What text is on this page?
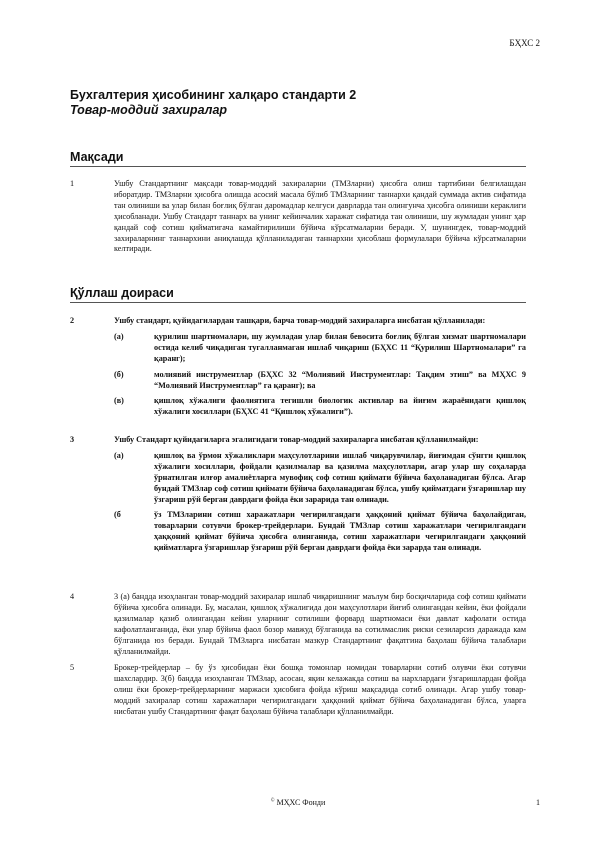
БҲХС 2
Бухгалтерия ҳисобининг халқаро стандарти 2
Товар-моддий захиралар
Мақсади
1	Ушбу Стандартнинг мақсади товар-моддий захираларни (ТМЗларни) ҳисобга олиш тартибини белгилашдан иборатдир. ТМЗларни ҳисобга олишда асосий масала бўлиб ТМЗларнинг таннархи қандай суммада актив сифатида тан олиниши ва улар билан боғлиқ бўлган даромадлар келгуси даврларда тан олингунча ҳисобга олиниши кераклиги ҳисобланади. Ушбу Стандарт таннарх ва унинг кейинчалик харажат сифатида тан олиниши, шу жумладан унинг ҳар қандай соф сотиш қийматигача камайтирилиши бўйича кўрсатмаларни беради. У, шунингдек, товар-моддий захираларнинг таннархини аниқлашда қўлланиладиган таннархни ҳисоблаш формулалари бўйича кўрсатмаларни келтиради.
Қўллаш доираси
2	Ушбу стандарт, қуйидагилардан ташқари, барча товар-моддий захираларга нисбатан қўлланилади:
(а)	қурилиш шартномалари, шу жумладан улар билан бевосита боғлиқ бўлган хизмат шартномалари остида келиб чиқадиган тугалланмаган ишлаб чиқариш (БҲХС 11 “Қурилиш Шартномалари” га қаранг);
(б)	молиявий инструментлар (БҲХС 32 “Молиявий Инструментлар: Тақдим этиш” ва МҲХС 9 “Молиявий Инструментлар” га қаранг); ва
(в)	қишлоқ хўжалиги фаолиятига тегишли биологик активлар ва йиғим жараёнидаги қишлоқ хўжалиги хосиллари (БҲХС 41 “Қишлоқ хўжалиги”).
3	Ушбу Стандарт қуйидагиларга эгалигидаги товар-моддий захираларга нисбатан қўлланилмайди:
(а)	қишлоқ ва ўрмон хўжаликлари маҳсулотларини ишлаб чиқарувчилар, йиғимдан сўнгги қишлоқ хўжалиги хосиллари, фойдали қазилмалар ва қазилма маҳсулотлари, агар улар шу соҳаларда ўрнатилган илғор амалиётларга мувофиқ соф сотиш қиймати бўйича баҳоланадиган бўлса. Агар бундай ТМЗлар соф сотиш қиймати бўйича баҳоланадиган бўлса, ушбу қийматдаги ўзгаришлар шу ўзгариш рўй берган даврдаги фойда ёки зарарида тан олинади.
(б	ўз ТМЗларини сотиш харажатлари чегирилгандаги ҳаққоний қиймат бўйича баҳолайдиган, товарларни сотувчи брокер-трейдерлари. Бундай ТМЗлар сотиш харажатлари чегирилгандаги ҳаққоний қиймат бўйича ҳисобга олинганида, сотиш харажатлари чегирилгандаги ҳаққоний қийматларга ўзгаришлар ўзгариш рўй берган даврдаги фойда ёки зарарда тан олинади.
4	3 (а) бандда изоҳланган товар-моддий захиралар ишлаб чиқаришнинг маълум бир босқичларида соф сотиш қиймати бўйича ҳисобга олинади. Бу, масалан, қишлоқ хўжалигида дон маҳсулотлари йиғиб олингандан кейин, ёки фойдали қазилмалар қазиб олингандан кейин уларнинг сотилиши форвард шартномаси ёки давлат кафолати остида кафолатланганида, ёки улар бўйича фаол бозор мавжуд бўлганида ва сотилмаслик риски сезиларсиз даражада кам бўлганида юз беради. Бундай ТМЗларга нисбатан мазкур Стандартнинг фақатгина баҳолаш бўйича талаблари қўлланилмайди.
5	Брокер-трейдерлар – бу ўз ҳисобидан ёки бошқа томонлар номидан товарларни сотиб олувчи ёки сотувчи шахслардир. 3(б) бандда изоҳланган ТМЗлар, асосан, яқин келажакда сотиш ва нархлардаги ўзгаришлардан фойда олиш ёки брокер-трейдерларнинг маржаси ҳисобига фойда кўриш мақсадида сотиб олинади. Агар ушбу товар-моддий захиралар сотиш харажатлари чегирилгандаги ҳаққоний қиймат бўйича баҳоланадиган бўлса, уларга нисбатан ушбу Стандартнинг фақат баҳолаш бўйича талаблари қўлланилмайди.
© МҲХС Фонди	1
